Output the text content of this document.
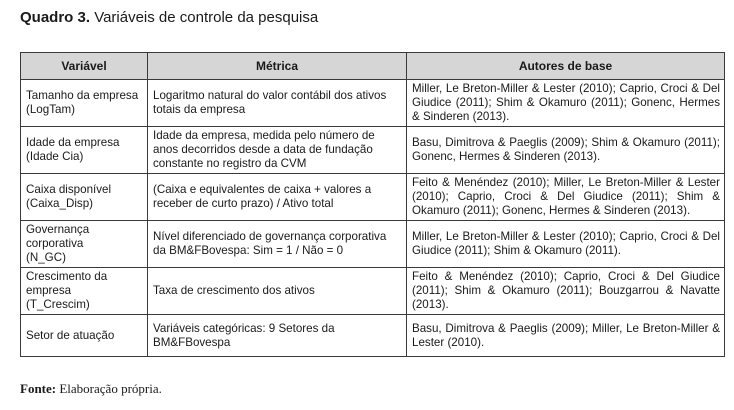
Quadro 3. Variáveis de controle da pesquisa
Variável	Métrica	Autores de base
Tamanho da empresa
(LogTam)	Logaritmo natural do valor contábil dos ativos totais da empresa	Miller, Le Breton-Miller & Lester (2010); Caprio, Croci & Del Giudice (2011); Shim & Okamuro (2011); Gonenc, Hermes & Sinderen (2013).
Idade da empresa
(Idade Cia)	Idade da empresa, medida pelo número de anos decorridos desde a data de fundação constante no registro da CVM	Basu, Dimitrova & Paeglis (2009); Shim & Okamuro (2011); Gonenc, Hermes & Sinderen (2013).
Caixa disponível
(Caixa_Disp)	(Caixa e equivalentes de caixa + valores a receber de curto prazo) / Ativo total	Feito & Menéndez (2010); Miller, Le Breton-Miller & Lester (2010); Caprio, Croci & Del Giudice (2011); Shim & Okamuro (2011); Gonenc, Hermes & Sinderen (2013).
Governança corporativa
(N_GC)	Nível diferenciado de governança corporativa da BM&FBovespa: Sim = 1 / Não = 0	Miller, Le Breton-Miller & Lester (2010); Caprio, Croci & Del Giudice (2011); Shim & Okamuro (2011).
Crescimento da empresa
(T_Crescim)	Taxa de crescimento dos ativos	Feito & Menéndez (2010); Caprio, Croci & Del Giudice (2011); Shim & Okamuro (2011); Bouzgarrou & Navatte (2013).
Setor de atuação	Variáveis categóricas: 9 Setores da BM&FBovespa	Basu, Dimitrova & Paeglis (2009); Miller, Le Breton-Miller & Lester (2010).
Fonte: Elaboração própria.
